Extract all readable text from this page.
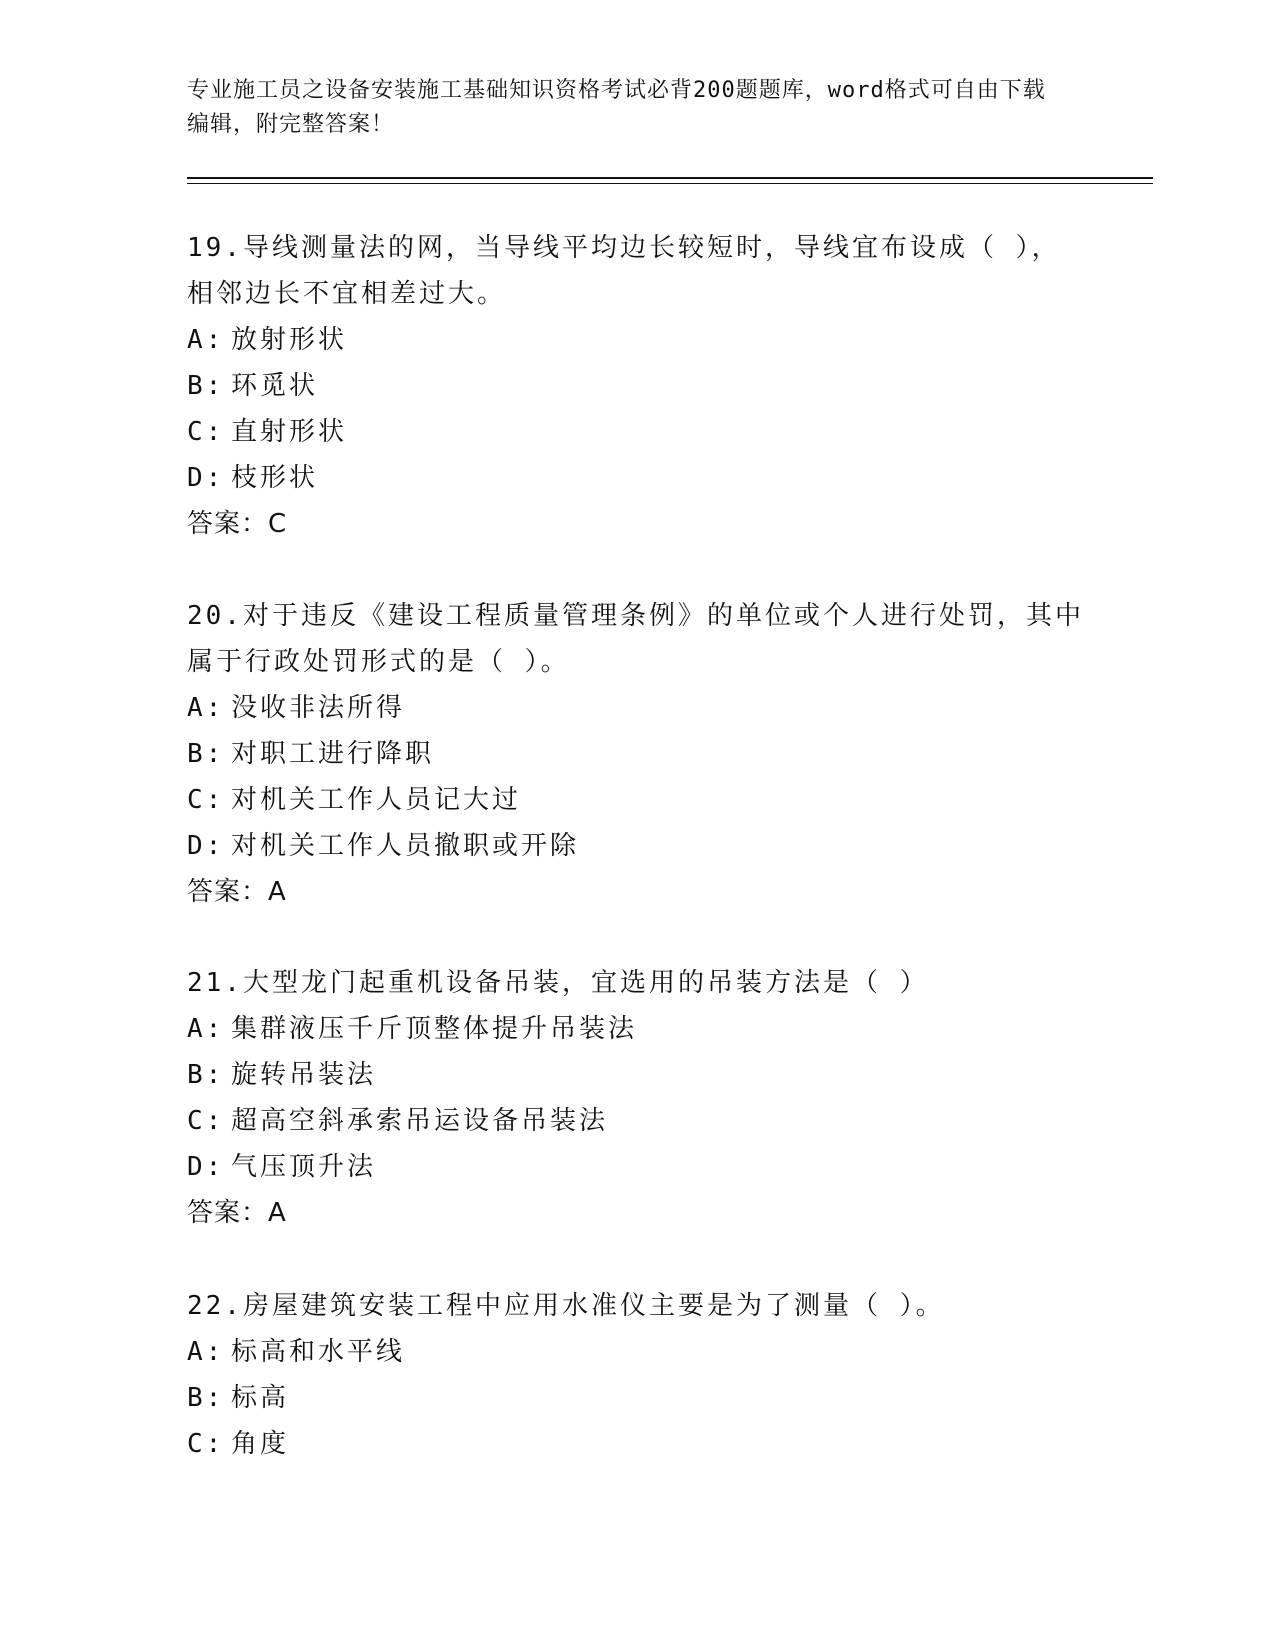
专业施工员之设备安装施工基础知识资格考试必背200题题库，word格式可自由下载编辑，附完整答案！
19.导线测量法的网，当导线平均边长较短时，导线宜布设成（ ），相邻边长不宜相差过大。
A: 放射形状
B: 环觅状
C: 直射形状
D: 枝形状
答案：C
20.对于违反《建设工程质量管理条例》的单位或个人进行处罚，其中属于行政处罚形式的是（ ）。
A: 没收非法所得
B: 对职工进行降职
C: 对机关工作人员记大过
D: 对机关工作人员撤职或开除
答案：A
21.大型龙门起重机设备吊装，宜选用的吊装方法是（ ）
A: 集群液压千斤顶整体提升吊装法
B: 旋转吊装法
C: 超高空斜承索吊运设备吊装法
D: 气压顶升法
答案：A
22.房屋建筑安装工程中应用水准仪主要是为了测量（ ）。
A: 标高和水平线
B: 标高
C: 角度
